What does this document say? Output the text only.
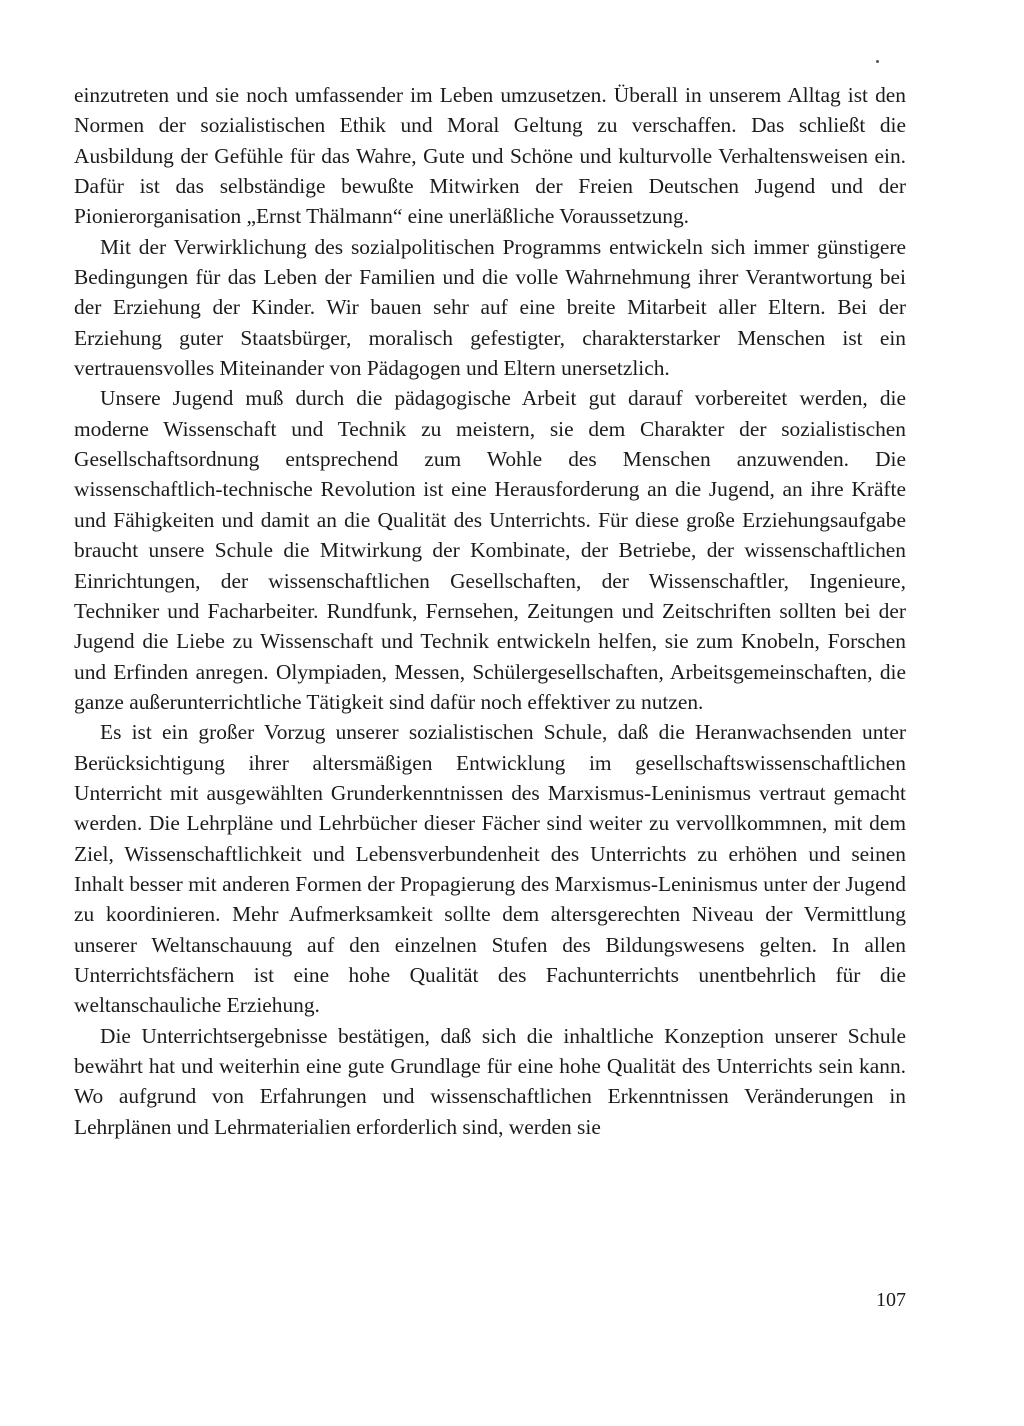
einzutreten und sie noch umfassender im Leben umzusetzen. Überall in unserem Alltag ist den Normen der sozialistischen Ethik und Moral Geltung zu verschaffen. Das schließt die Ausbildung der Gefühle für das Wahre, Gute und Schöne und kulturvolle Verhaltensweisen ein. Dafür ist das selbständige bewußte Mitwirken der Freien Deutschen Jugend und der Pionierorganisation „Ernst Thälmann“ eine unerläßliche Voraussetzung.

Mit der Verwirklichung des sozialpolitischen Programms entwickeln sich immer günstigere Bedingungen für das Leben der Familien und die volle Wahrnehmung ihrer Verantwortung bei der Erziehung der Kinder. Wir bauen sehr auf eine breite Mitarbeit aller Eltern. Bei der Erziehung guter Staatsbürger, moralisch gefestigter, charakterstarker Menschen ist ein vertrauensvolles Miteinander von Pädagogen und Eltern unersetzlich.

Unsere Jugend muß durch die pädagogische Arbeit gut darauf vorbereitet werden, die moderne Wissenschaft und Technik zu meistern, sie dem Charakter der sozialistischen Gesellschaftsordnung entsprechend zum Wohle des Menschen anzuwenden. Die wissenschaftlich-technische Revolution ist eine Herausforderung an die Jugend, an ihre Kräfte und Fähigkeiten und damit an die Qualität des Unterrichts. Für diese große Erziehungsaufgabe braucht unsere Schule die Mitwirkung der Kombinate, der Betriebe, der wissenschaftlichen Einrichtungen, der wissenschaftlichen Gesellschaften, der Wissenschaftler, Ingenieure, Techniker und Facharbeiter. Rundfunk, Fernsehen, Zeitungen und Zeitschriften sollten bei der Jugend die Liebe zu Wissenschaft und Technik entwickeln helfen, sie zum Knobeln, Forschen und Erfinden anregen. Olympiaden, Messen, Schülergesellschaften, Arbeitsgemeinschaften, die ganze außerunterrichtliche Tätigkeit sind dafür noch effektiver zu nutzen.

Es ist ein großer Vorzug unserer sozialistischen Schule, daß die Heranwachsenden unter Berücksichtigung ihrer altersmäßigen Entwicklung im gesellschaftswissenschaftlichen Unterricht mit ausgewählten Grunderkenntnissen des Marxismus-Leninismus vertraut gemacht werden. Die Lehrpläne und Lehrbücher dieser Fächer sind weiter zu vervollkommnen, mit dem Ziel, Wissenschaftlichkeit und Lebensverbundenheit des Unterrichts zu erhöhen und seinen Inhalt besser mit anderen Formen der Propagierung des Marxismus-Leninismus unter der Jugend zu koordinieren. Mehr Aufmerksamkeit sollte dem altersgerechten Niveau der Vermittlung unserer Weltanschauung auf den einzelnen Stufen des Bildungswesens gelten. In allen Unterrichtsfächern ist eine hohe Qualität des Fachunterrichts unentbehrlich für die weltanschauliche Erziehung.

Die Unterrichtsergebnisse bestätigen, daß sich die inhaltliche Konzeption unserer Schule bewährt hat und weiterhin eine gute Grundlage für eine hohe Qualität des Unterrichts sein kann. Wo aufgrund von Erfahrungen und wissenschaftlichen Erkenntnissen Veränderungen in Lehrplänen und Lehrmaterialien erforderlich sind, werden sie

107
